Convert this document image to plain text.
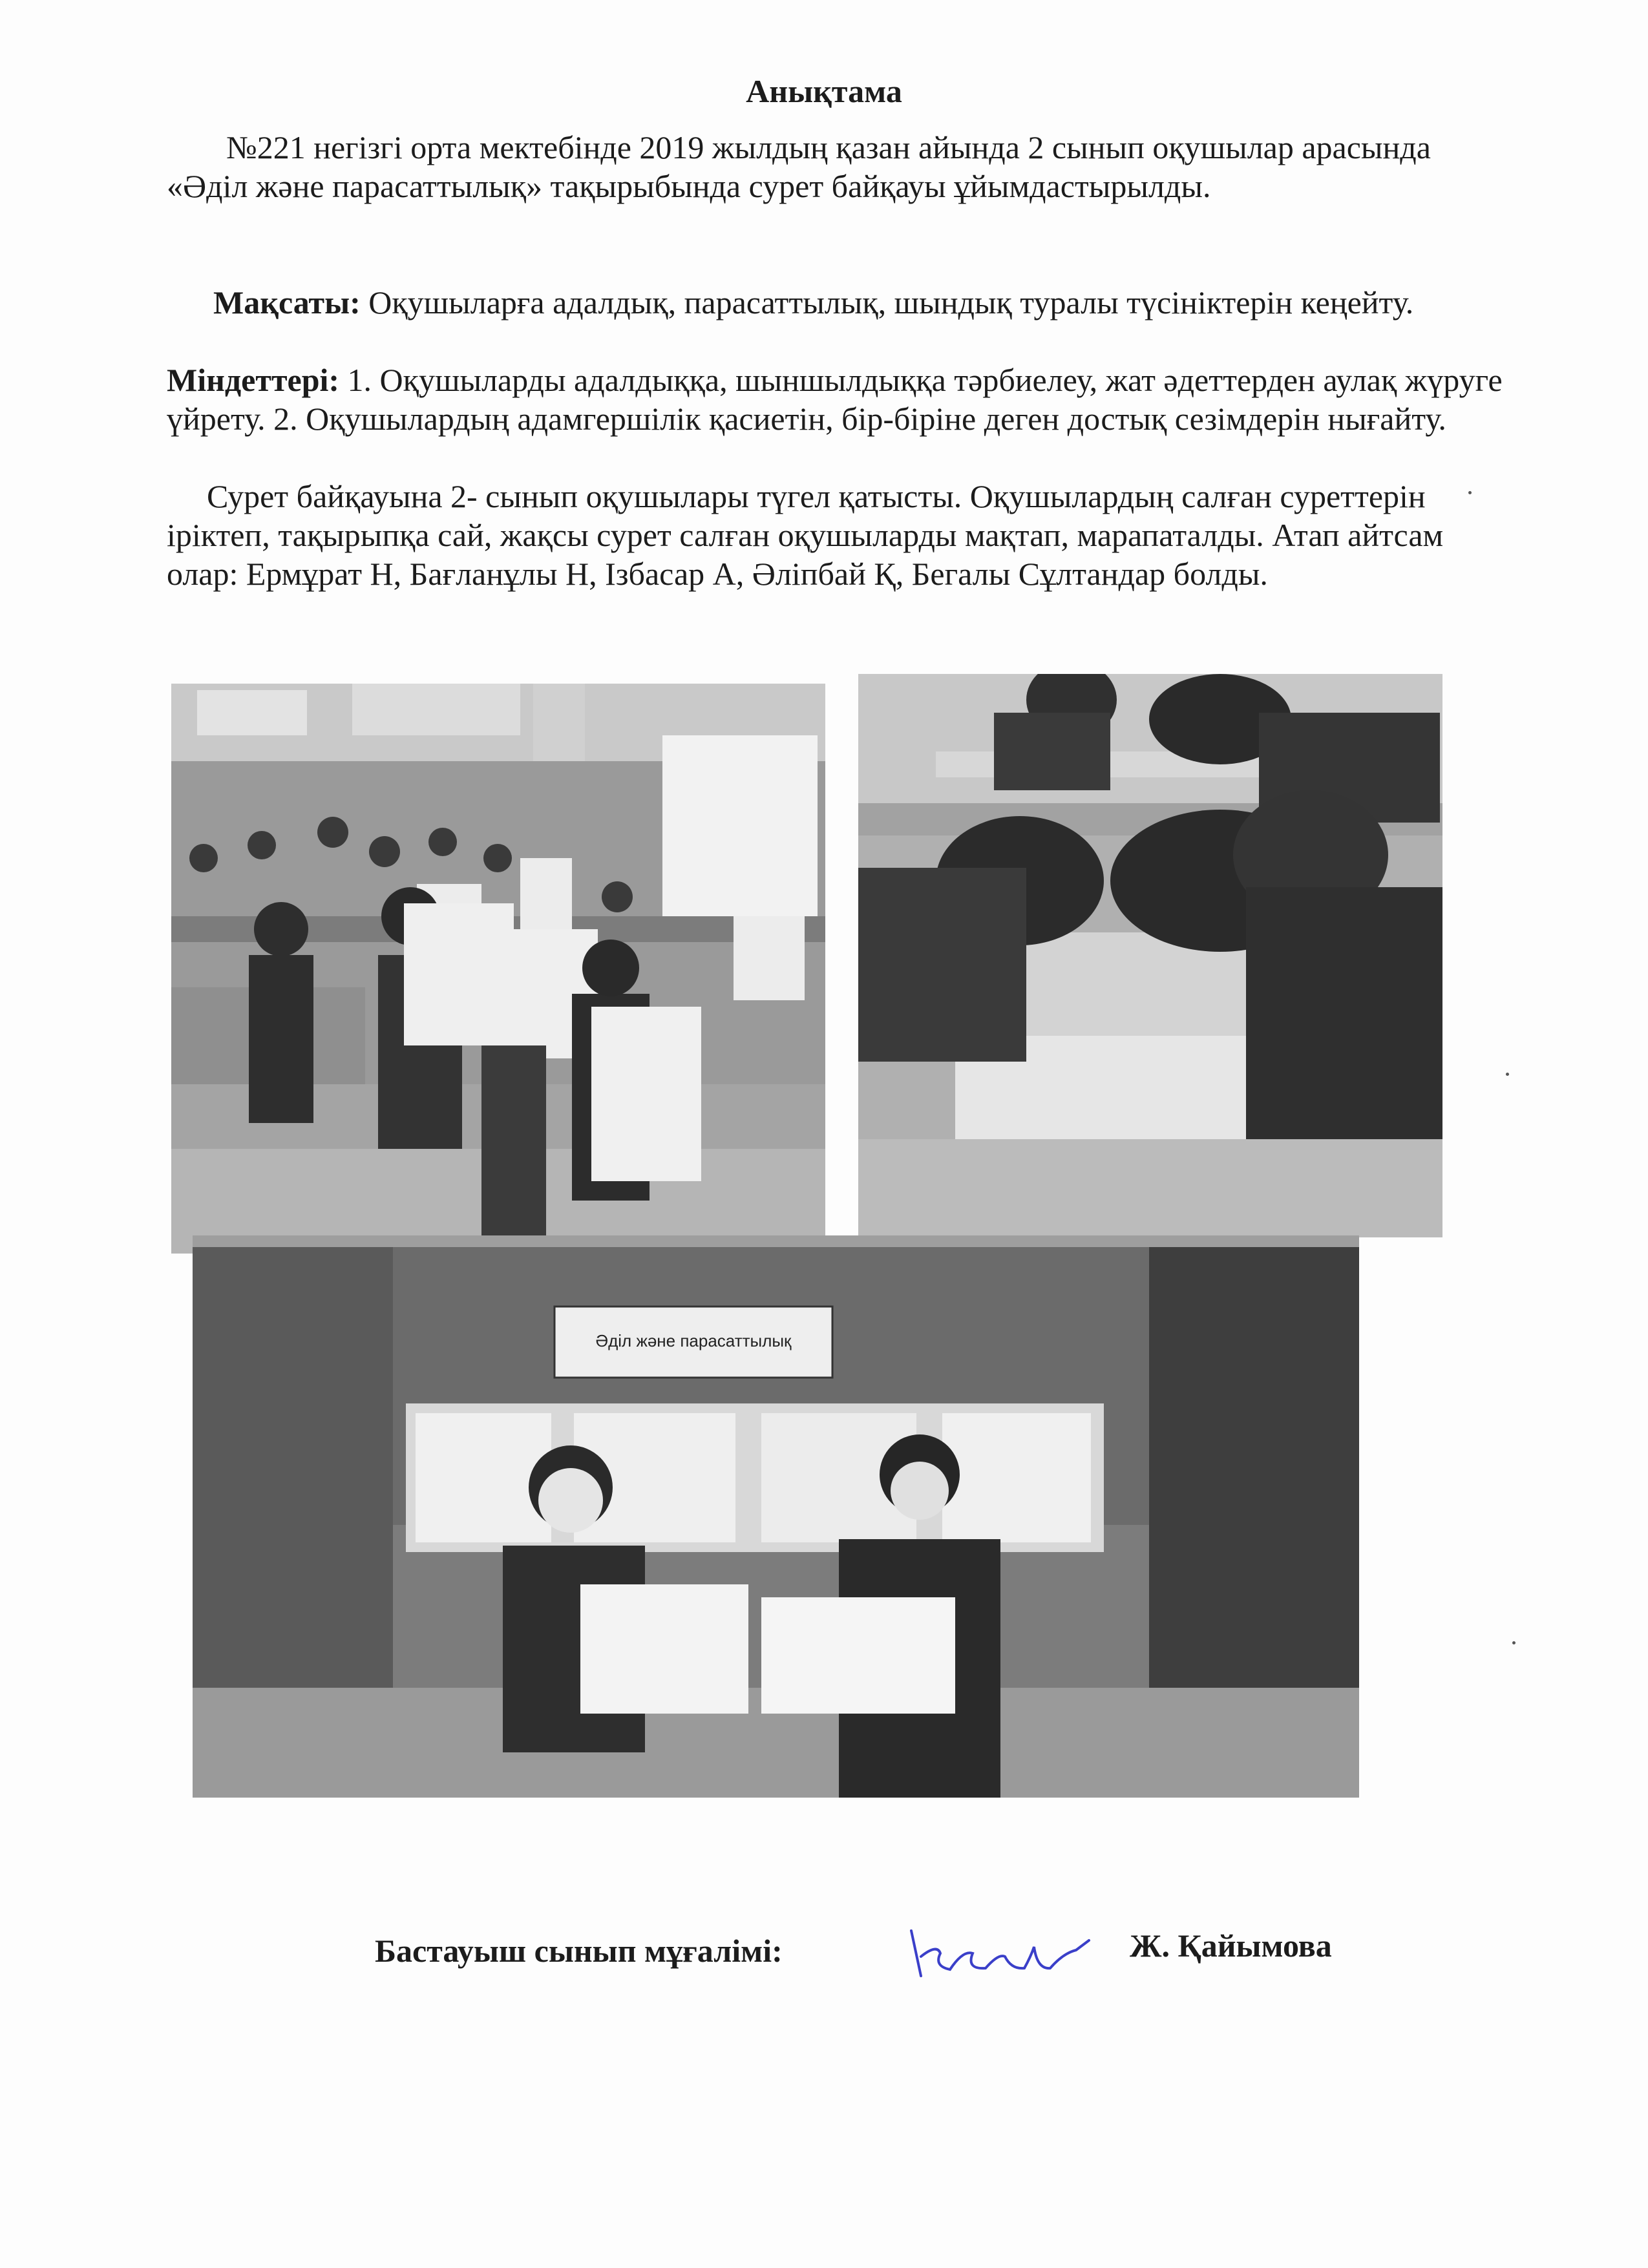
Анықтама

№221 негізгі орта мектебінде 2019 жылдың қазан айында 2 сынып оқушылар арасында «Әділ және парасаттылық» тақырыбында сурет байқауы ұйымдастырылды.

Мақсаты: Оқушыларға адалдық, парасаттылық, шындық туралы түсініктерін кеңейту.

Міндеттері: 1. Оқушыларды адалдыққа, шыншылдыққа тәрбиелеу, жат әдеттерден аулақ жүруге үйрету. 2. Оқушылардың адамгершілік қасиетін, бір-біріне деген достық сезімдерін нығайту.

Сурет байқауына 2- сынып оқушылары түгел қатысты. Оқушылардың салған суреттерін іріктеп, тақырыпқа сай, жақсы сурет салған оқушыларды мақтап, марапаталды. Атап айтсам олар: Ермұрат Н, Бағланұлы Н, Ізбасар А, Әліпбай Қ, Бегалы Сұлтандар болды.

Әділ және парасаттылық
Бастауыш сынып мұғалімі:	Ж. Қайымова
